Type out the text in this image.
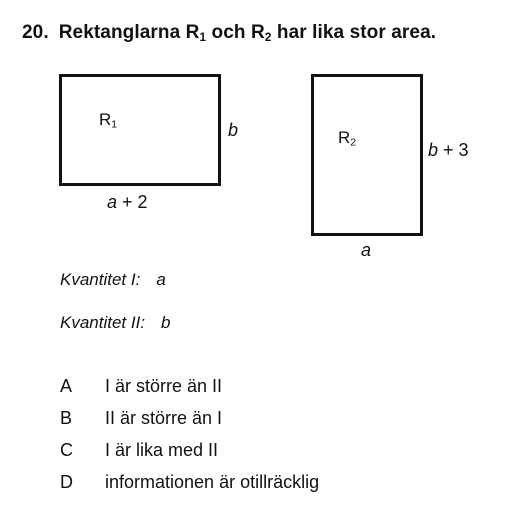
20. Rektanglarna $R_1$ och $R_2$ har lika stor area.
$R_1$	b
a + 2
$R_2$	b + 3
a
Kvantitet I: a
Kvantitet II: b
A I är större än II
B II är större än I
C I är lika med II
D informationen är otillräcklig
